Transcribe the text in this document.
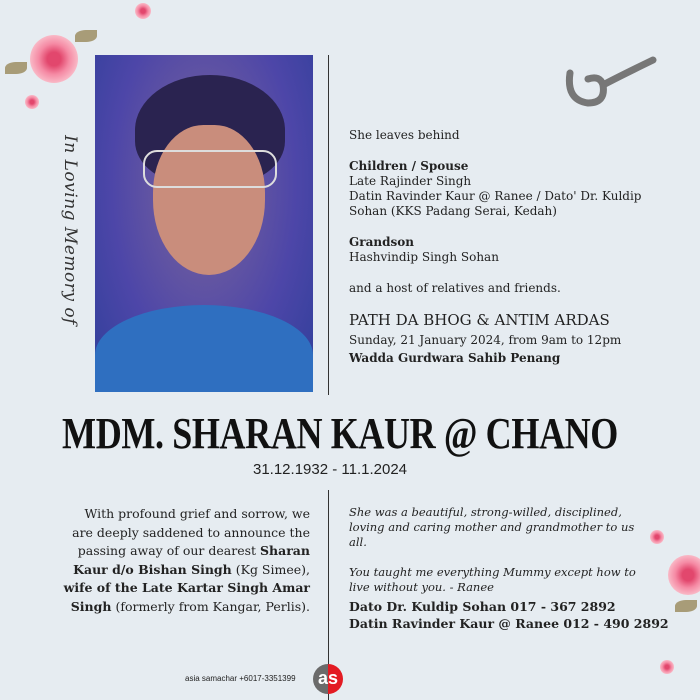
In Loving Memory of
She leaves behind
Children / Spouse
Late Rajinder Singh
Datin Ravinder Kaur @ Ranee / Dato' Dr. Kuldip
Sohan (KKS Padang Serai, Kedah)
Grandson
Hashvindip Singh Sohan
and a host of relatives and friends.
PATH DA BHOG & ANTIM ARDAS
Sunday, 21 January 2024, from 9am to 12pm
Wadda Gurdwara Sahib Penang
MDM. SHARAN KAUR @ CHANO
31.12.1932 - 11.1.2024
With profound grief and sorrow, we are deeply saddened to announce the passing away of our dearest Sharan Kaur d/o Bishan Singh (Kg Simee), wife of the Late Kartar Singh Amar Singh (formerly from Kangar, Perlis).
She was a beautiful, strong-willed, disciplined, loving and caring mother and grandmother to us all.
You taught me everything Mummy except how to live without you. - Ranee
Dato Dr. Kuldip Sohan 017 - 367 2892
Datin Ravinder Kaur @ Ranee 012 - 490 2892
asia samachar +6017-3351399 as
